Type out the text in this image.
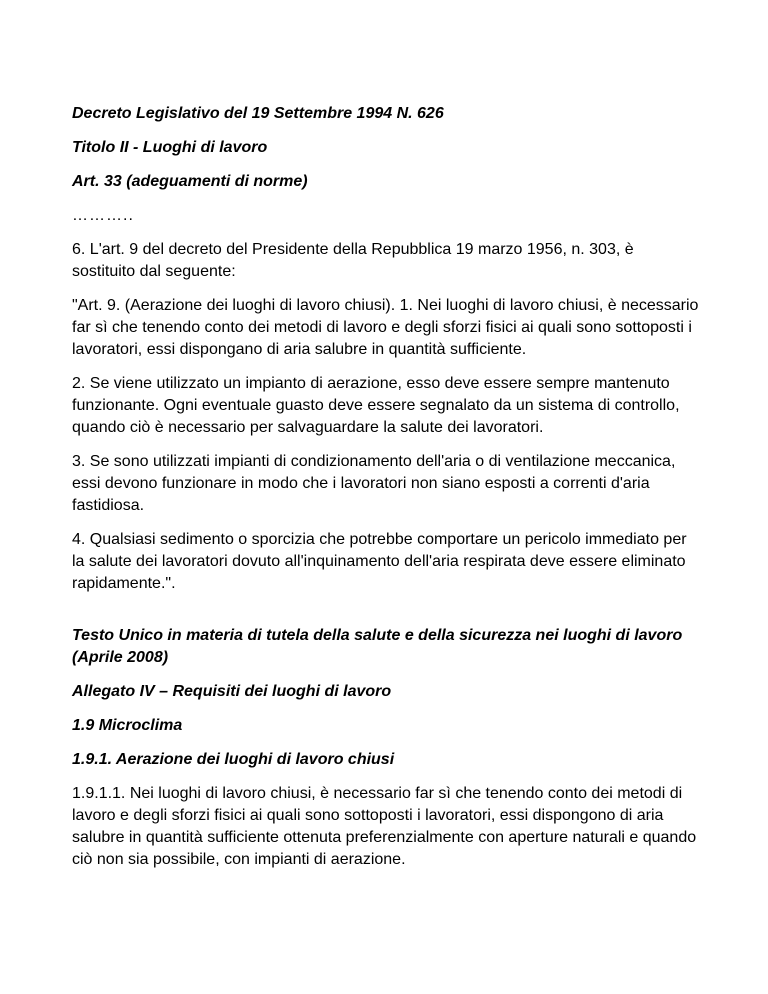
Decreto Legislativo del 19 Settembre 1994 N. 626
Titolo II - Luoghi di lavoro
Art. 33 (adeguamenti di norme)
………..
6. L'art. 9 del decreto del Presidente della Repubblica 19 marzo 1956, n. 303, è sostituito dal seguente:
"Art. 9. (Aerazione dei luoghi di lavoro chiusi). 1. Nei luoghi di lavoro chiusi, è necessario far sì che tenendo conto dei metodi di lavoro e degli sforzi fisici ai quali sono sottoposti i lavoratori, essi dispongano di aria salubre in quantità sufficiente.
2. Se viene utilizzato un impianto di aerazione, esso deve essere sempre mantenuto funzionante. Ogni eventuale guasto deve essere segnalato da un sistema di controllo, quando ciò è necessario per salvaguardare la salute dei lavoratori.
3. Se sono utilizzati impianti di condizionamento dell'aria o di ventilazione meccanica, essi devono funzionare in modo che i lavoratori non siano esposti a correnti d'aria fastidiosa.
4. Qualsiasi sedimento o sporcizia che potrebbe comportare un pericolo immediato per la salute dei lavoratori dovuto all'inquinamento dell'aria respirata deve essere eliminato rapidamente.".
Testo Unico in materia di tutela della salute e della sicurezza nei luoghi di lavoro (Aprile 2008)
Allegato IV – Requisiti dei luoghi di lavoro
1.9 Microclima
1.9.1. Aerazione dei luoghi di lavoro chiusi
1.9.1.1. Nei luoghi di lavoro chiusi, è necessario far sì che tenendo conto dei metodi di lavoro e degli sforzi fisici ai quali sono sottoposti i lavoratori, essi dispongono di aria salubre in quantità sufficiente ottenuta preferenzialmente con aperture naturali e quando ciò non sia possibile, con impianti di aerazione.
